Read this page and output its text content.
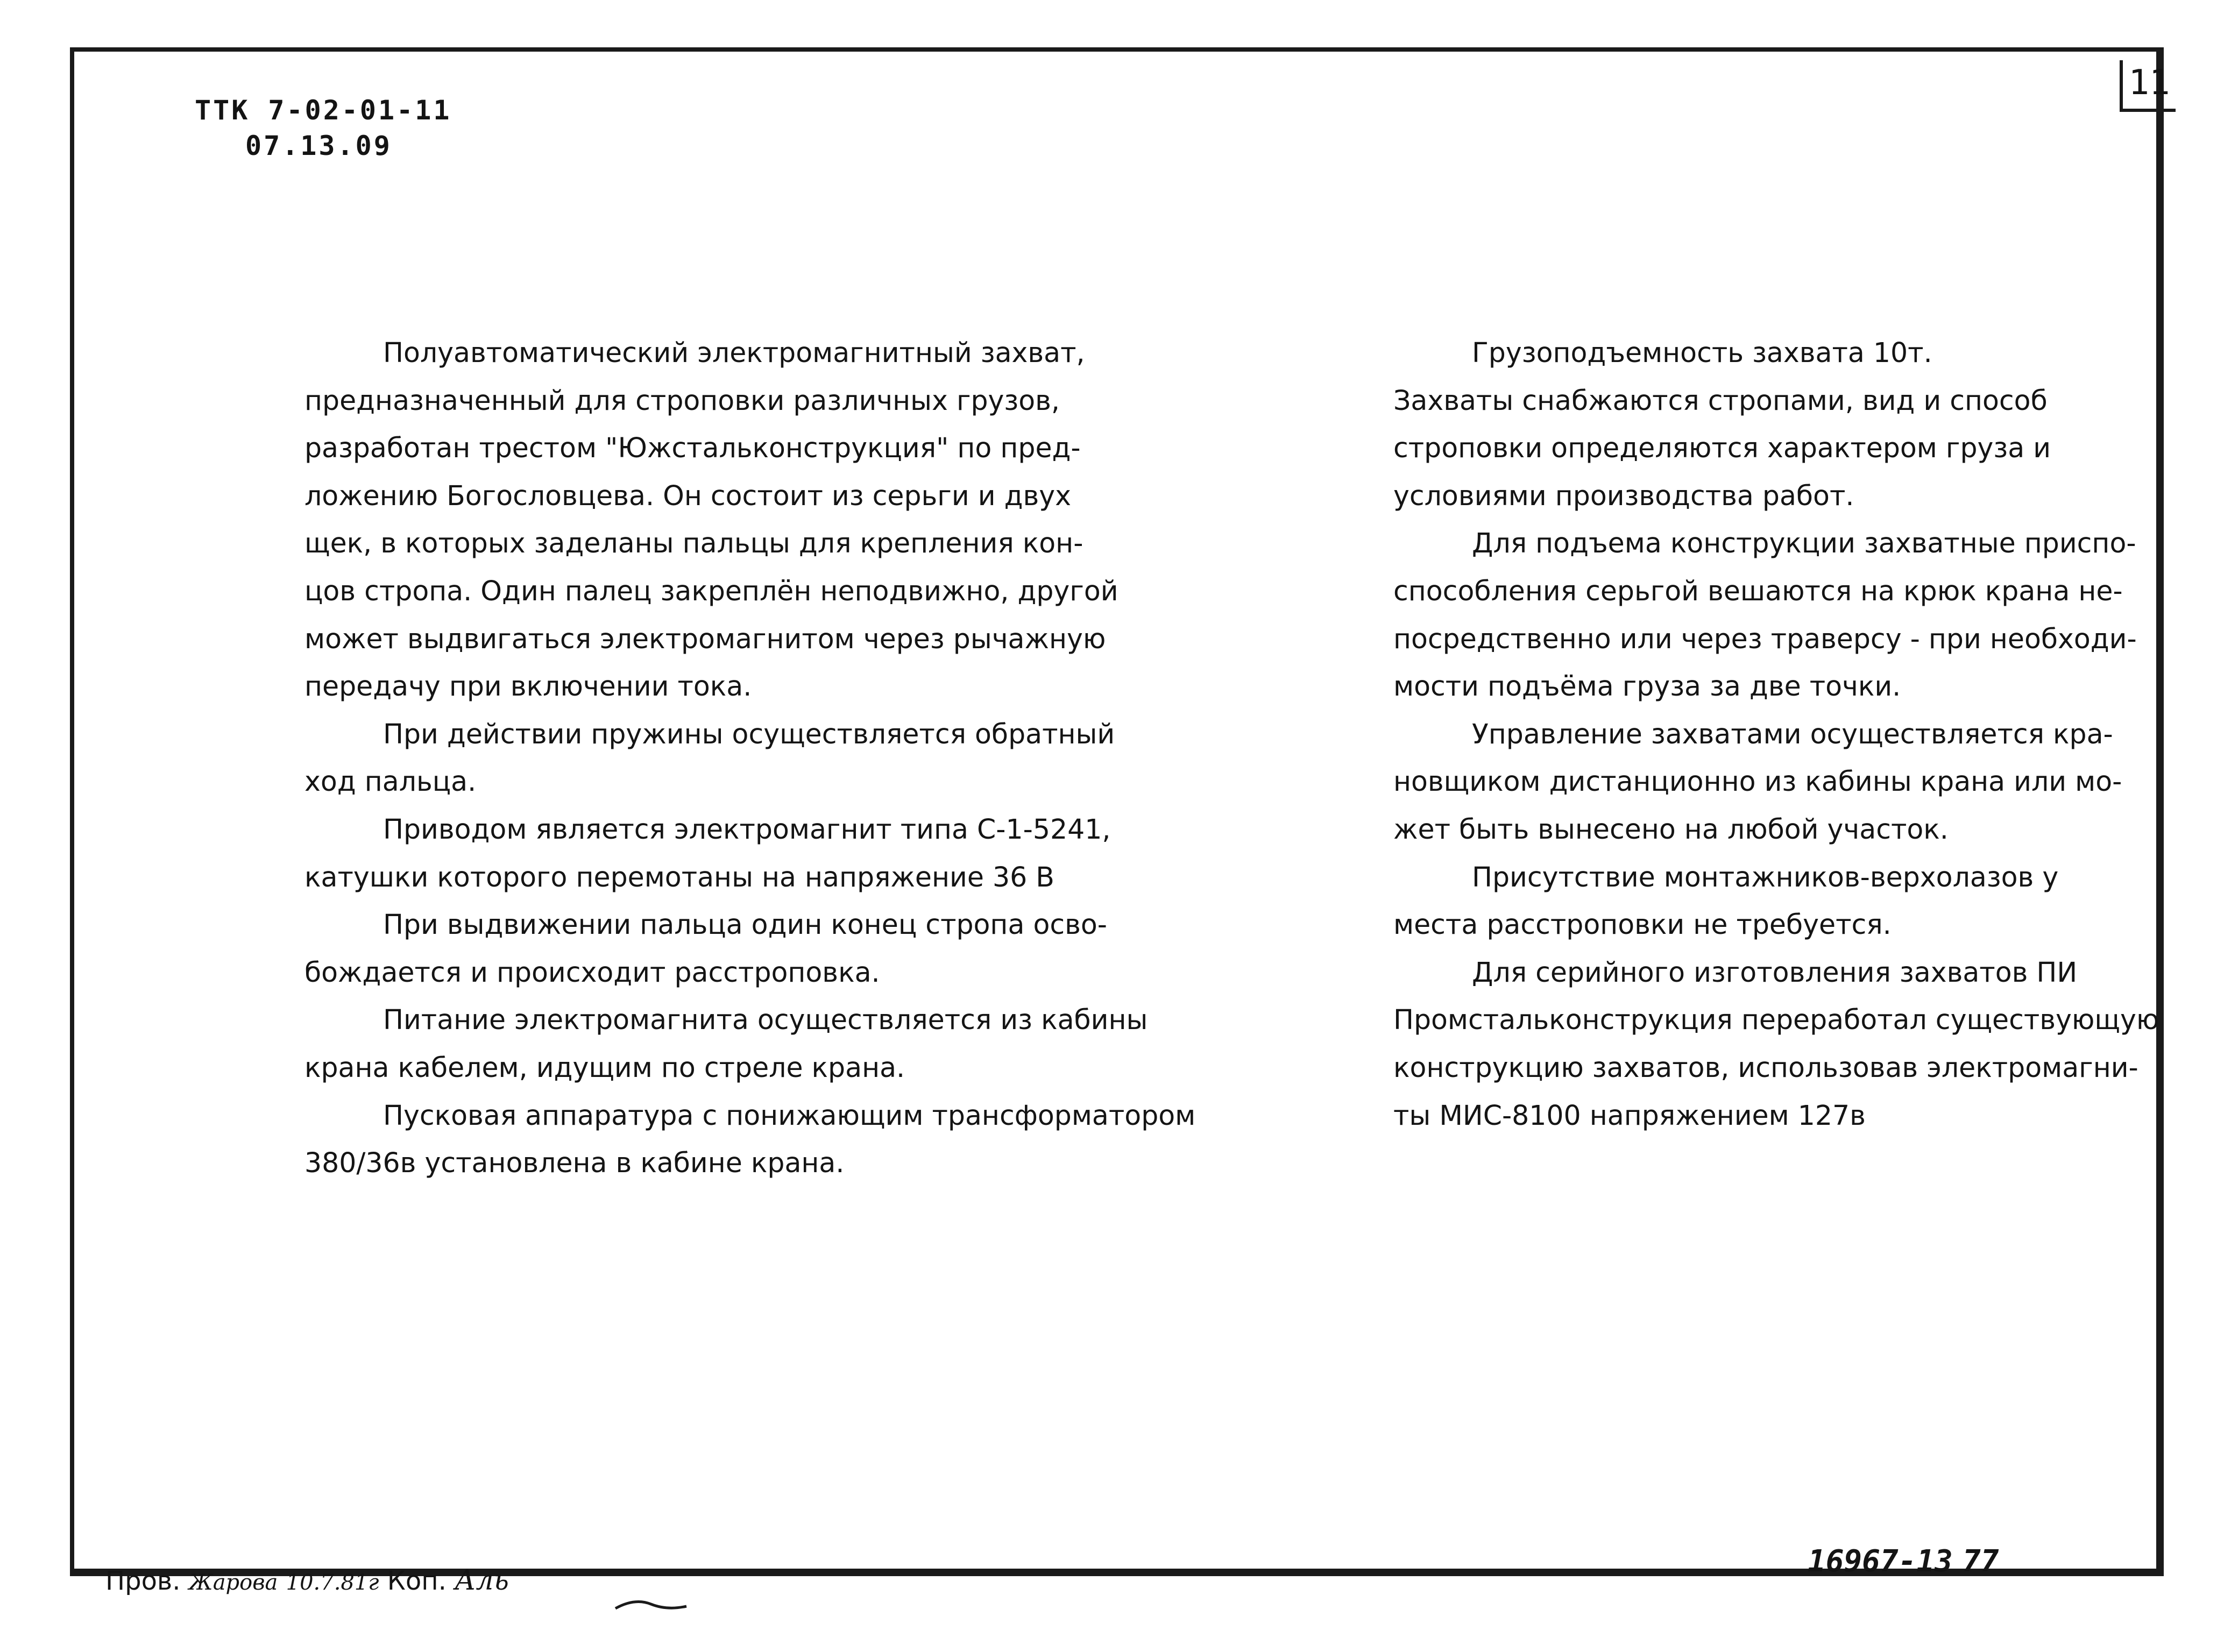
11
ТТК 7-02-01-11
07.13.09
Полуавтоматический электромагнитный захват,
предназначенный для строповки различных грузов,
разработан трестом "Южстальконструкция" по пред-
ложению Богословцева. Он состоит из серьги и двух
щек, в которых заделаны пальцы для крепления кон-
цов стропа. Один палец закреплён неподвижно, другой
может выдвигаться электромагнитом через рычажную
передачу при включении тока.
При действии пружины осуществляется обратный
ход пальца.
Приводом является электромагнит типа С-1-5241,
катушки которого перемотаны на напряжение 36 В
При выдвижении пальца один конец стропа осво-
бождается и происходит расстроповка.
Питание электромагнита осуществляется из кабины
крана кабелем, идущим по стреле крана.
Пусковая аппаратура с понижающим трансформатором
380/36в установлена в кабине крана.
Грузоподъемность захвата 10т.
Захваты снабжаются стропами, вид и способ
строповки определяются характером груза и
условиями производства работ.
Для подъема конструкции захватные приспо-
способления серьгой вешаются на крюк крана не-
посредственно или через траверсу - при необходи-
мости подъёма груза за две точки.
Управление захватами осуществляется кра-
новщиком дистанционно из кабины крана или мо-
жет быть вынесено на любой участок.
Присутствие монтажников-верхолазов у
места расстроповки не требуется.
Для серийного изготовления захватов ПИ
Промстальконструкция переработал существующую
конструкцию захватов, использовав электромагни-
ты МИС-8100 напряжением 127в
Пров. Жарова 10.7.81г Коп. Аль
16967-13 77
